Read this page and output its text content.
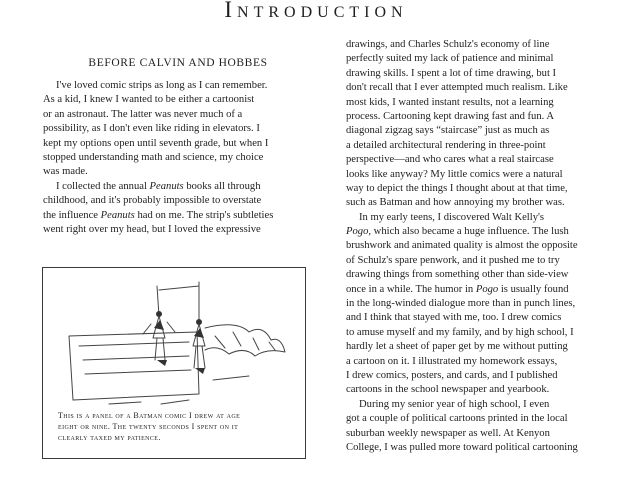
Introduction
BEFORE CALVIN AND HOBBES
I've loved comic strips as long as I can remember.
As a kid, I knew I wanted to be either a cartoonist
or an astronaut. The latter was never much of a
possibility, as I don't even like riding in elevators. I
kept my options open until seventh grade, but when I
stopped understanding math and science, my choice
was made.
I collected the annual Peanuts books all through
childhood, and it's probably impossible to overstate
the influence Peanuts had on me. The strip's subtleties
went right over my head, but I loved the expressive
drawings, and Charles Schulz's economy of line
perfectly suited my lack of patience and minimal
drawing skills. I spent a lot of time drawing, but I
don't recall that I ever attempted much realism. Like
most kids, I wanted instant results, not a learning
process. Cartooning kept drawing fast and fun. A
diagonal zigzag says “staircase” just as much as
a detailed architectural rendering in three-point
perspective—and who cares what a real staircase
looks like anyway? My little comics were a natural
way to depict the things I thought about at that time,
such as Batman and how annoying my brother was.
In my early teens, I discovered Walt Kelly's
Pogo, which also became a huge influence. The lush
brushwork and animated quality is almost the opposite
of Schulz's spare penwork, and it pushed me to try
drawing things from something other than side-view
once in a while. The humor in Pogo is usually found
in the long-winded dialogue more than in punch lines,
and I think that stayed with me, too. I drew comics
to amuse myself and my family, and by high school, I
hardly let a sheet of paper get by me without putting
a cartoon on it. I illustrated my homework essays,
I drew comics, posters, and cards, and I published
cartoons in the school newspaper and yearbook.
During my senior year of high school, I even
got a couple of political cartoons printed in the local
suburban weekly newspaper as well. At Kenyon
College, I was pulled more toward political cartooning
This is a panel of a Batman comic I drew at age
eight or nine. The twenty seconds I spent on it
clearly taxed my patience.
